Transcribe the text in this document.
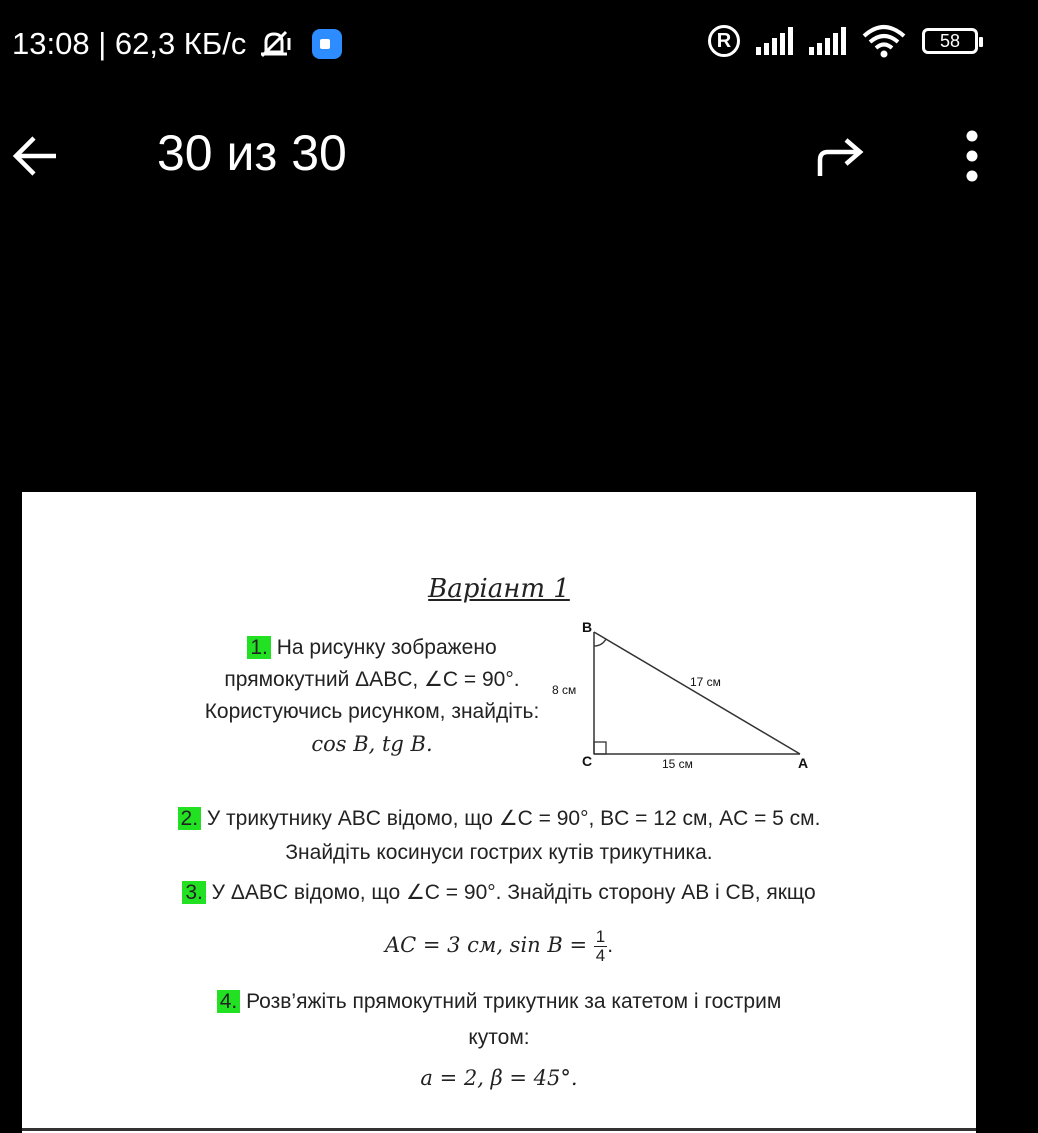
13:08 | 62,3 КБ/с	R	58
30 из 30
Варіант 1
1. На рисунку зображено
прямокутний ΔABC, ∠C = 90°.
Користуючись рисунком, знайдіть:
cos B, tg B.
B
C	A
8 см
17 см
15 см
2. У трикутнику ABC відомо, що ∠C = 90°, BC = 12 см, AC = 5 см.
Знайдіть косинуси гострих кутів трикутника.
3. У ΔABC відомо, що ∠C = 90°. Знайдіть сторону AB і CB, якщо
AC = 3 см, $\sin B = \frac{1}{4}$ .
4. Розв’яжіть прямокутний трикутник за катетом і гострим
кутом:
a = 2, β = 45°.
